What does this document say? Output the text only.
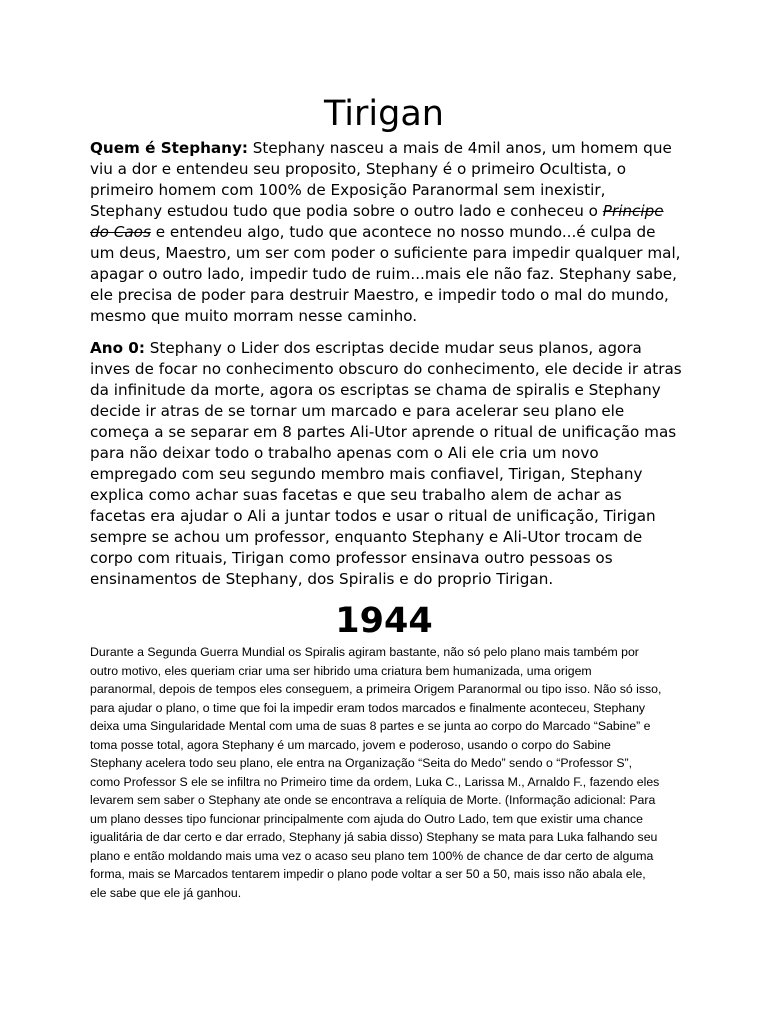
Tirigan
Quem é Stephany: Stephany nasceu a mais de 4mil anos, um homem que
viu a dor e entendeu seu proposito, Stephany é o primeiro Ocultista, o
primeiro homem com 100% de Exposição Paranormal sem inexistir,
Stephany estudou tudo que podia sobre o outro lado e conheceu o Principe
do Caos e entendeu algo, tudo que acontece no nosso mundo...é culpa de
um deus, Maestro, um ser com poder o suficiente para impedir qualquer mal,
apagar o outro lado, impedir tudo de ruim...mais ele não faz. Stephany sabe,
ele precisa de poder para destruir Maestro, e impedir todo o mal do mundo,
mesmo que muito morram nesse caminho.
Ano 0: Stephany o Lider dos escriptas decide mudar seus planos, agora
inves de focar no conhecimento obscuro do conhecimento, ele decide ir atras
da infinitude da morte, agora os escriptas se chama de spiralis e Stephany
decide ir atras de se tornar um marcado e para acelerar seu plano ele
começa a se separar em 8 partes Ali-Utor aprende o ritual de unificação mas
para não deixar todo o trabalho apenas com o Ali ele cria um novo
empregado com seu segundo membro mais confiavel, Tirigan, Stephany
explica como achar suas facetas e que seu trabalho alem de achar as
facetas era ajudar o Ali a juntar todos e usar o ritual de unificação, Tirigan
sempre se achou um professor, enquanto Stephany e Ali-Utor trocam de
corpo com rituais, Tirigan como professor ensinava outro pessoas os
ensinamentos de Stephany, dos Spiralis e do proprio Tirigan.
1944
Durante a Segunda Guerra Mundial os Spiralis agiram bastante, não só pelo plano mais também por
outro motivo, eles queriam criar uma ser hibrido uma criatura bem humanizada, uma origem
paranormal, depois de tempos eles conseguem, a primeira Origem Paranormal ou tipo isso. Não só isso,
para ajudar o plano, o time que foi la impedir eram todos marcados e finalmente aconteceu, Stephany
deixa uma Singularidade Mental com uma de suas 8 partes e se junta ao corpo do Marcado “Sabine” e
toma posse total, agora Stephany é um marcado, jovem e poderoso, usando o corpo do Sabine
Stephany acelera todo seu plano, ele entra na Organização “Seita do Medo” sendo o “Professor S”,
como Professor S ele se infiltra no Primeiro time da ordem, Luka C., Larissa M., Arnaldo F., fazendo eles
levarem sem saber o Stephany ate onde se encontrava a relíquia de Morte. (Informação adicional: Para
um plano desses tipo funcionar principalmente com ajuda do Outro Lado, tem que existir uma chance
igualitária de dar certo e dar errado, Stephany já sabia disso) Stephany se mata para Luka falhando seu
plano e então moldando mais uma vez o acaso seu plano tem 100% de chance de dar certo de alguma
forma, mais se Marcados tentarem impedir o plano pode voltar a ser 50 a 50, mais isso não abala ele,
ele sabe que ele já ganhou.
